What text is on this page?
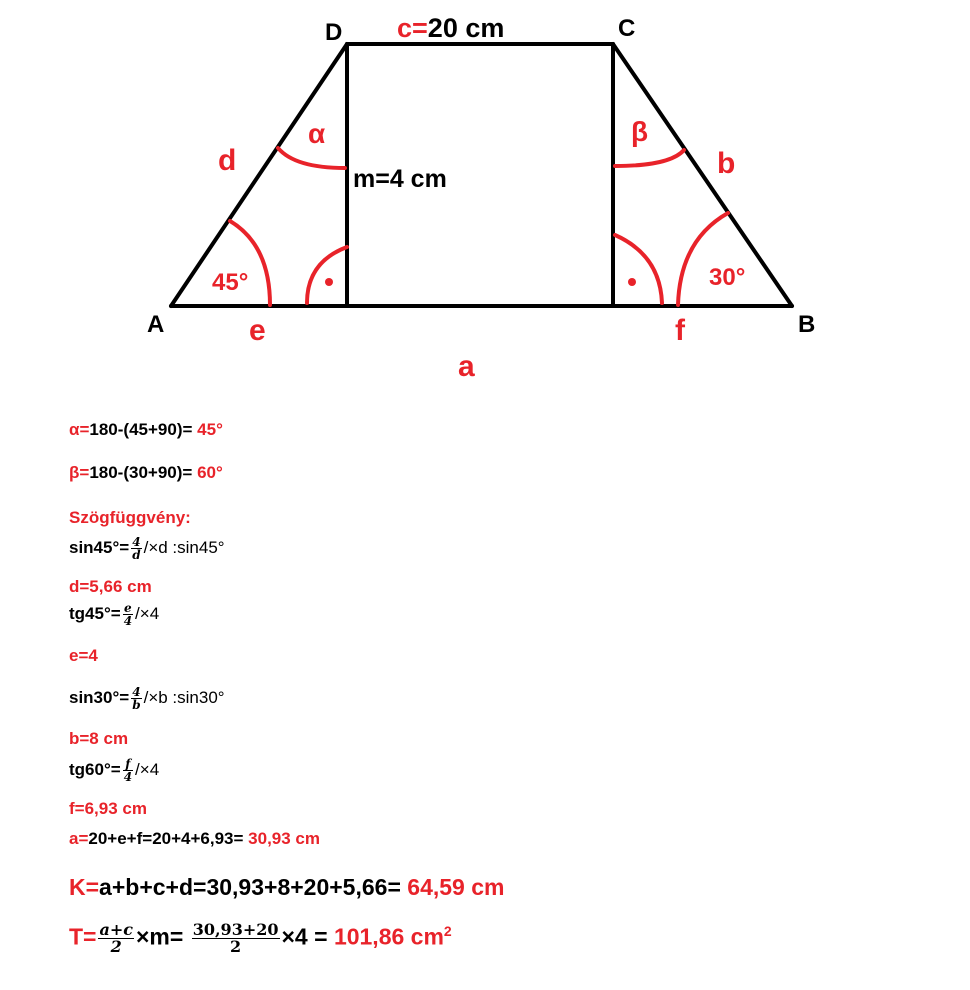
A	B
C
D c=20 cm
m=4 cm
d	b
e	f
a
α	β
45°	30°
α=180-(45+90)= 45°
β=180-(30+90)= 60°
Szögfüggvény:
$\sin 45^\circ= \frac{4}{d} /\times d$ :sin45°
d=5,66 cm
$tg45^\circ= \frac{e}{4} /\times 4$
e=4
$\sin 30^\circ= \frac{4}{b} /\times b$ :sin30°
b=8 cm
$tg60^\circ= \frac{f}{4} /\times 4$
f=6,93 cm
a=20+e+f=20+4+6,93= 30,93 cm
K=a+b+c+d=30,93+8+20+5,66= 64,59 cm
$T= \frac{a+c}{2} \times m= \frac{30,93+20}{2} \times 4 = 101,86$ $cm^2$
